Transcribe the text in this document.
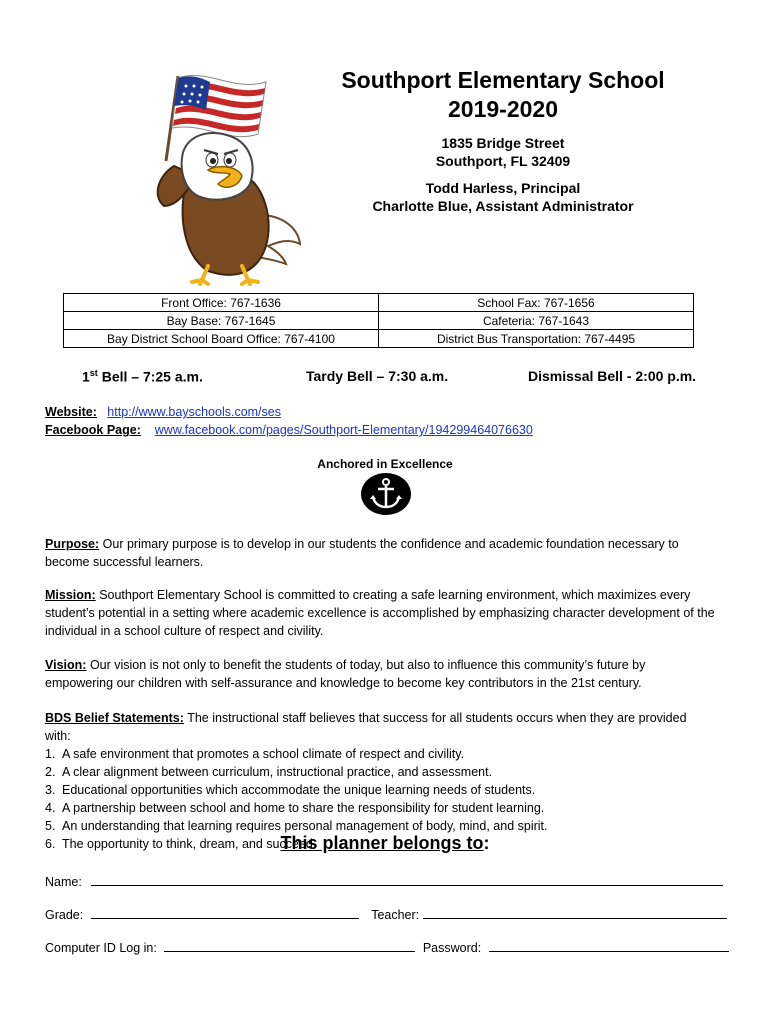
Southport Elementary School
2019-2020
1835 Bridge Street
Southport, FL 32409
Todd Harless, Principal
Charlotte Blue, Assistant Administrator
Front Office: 767-1636	School Fax: 767-1656
Bay Base: 767-1645	Cafeteria: 767-1643
Bay District School Board Office: 767-4100	District Bus Transportation: 767-4495
1st Bell – 7:25 a.m.	Tardy Bell – 7:30 a.m.	Dismissal Bell - 2:00 p.m.
Website: http://www.bayschools.com/ses
Facebook Page: www.facebook.com/pages/Southport-Elementary/194299464076630
Anchored in Excellence
Purpose: Our primary purpose is to develop in our students the confidence and academic foundation necessary to become successful learners.
Mission: Southport Elementary School is committed to creating a safe learning environment, which maximizes every student’s potential in a setting where academic excellence is accomplished by emphasizing character development of the individual in a school culture of respect and civility.
Vision: Our vision is not only to benefit the students of today, but also to influence this community’s future by empowering our children with self-assurance and knowledge to become key contributors in the 21st century.
BDS Belief Statements: The instructional staff believes that success for all students occurs when they are provided with:
1. A safe environment that promotes a school climate of respect and civility.
2. A clear alignment between curriculum, instructional practice, and assessment.
3. Educational opportunities which accommodate the unique learning needs of students.
4. A partnership between school and home to share the responsibility for student learning.
5. An understanding that learning requires personal management of body, mind, and spirit.
6. The opportunity to think, dream, and succeed.
This planner belongs to:
Name:
Grade:	Teacher:
Computer ID Log in:	Password:
